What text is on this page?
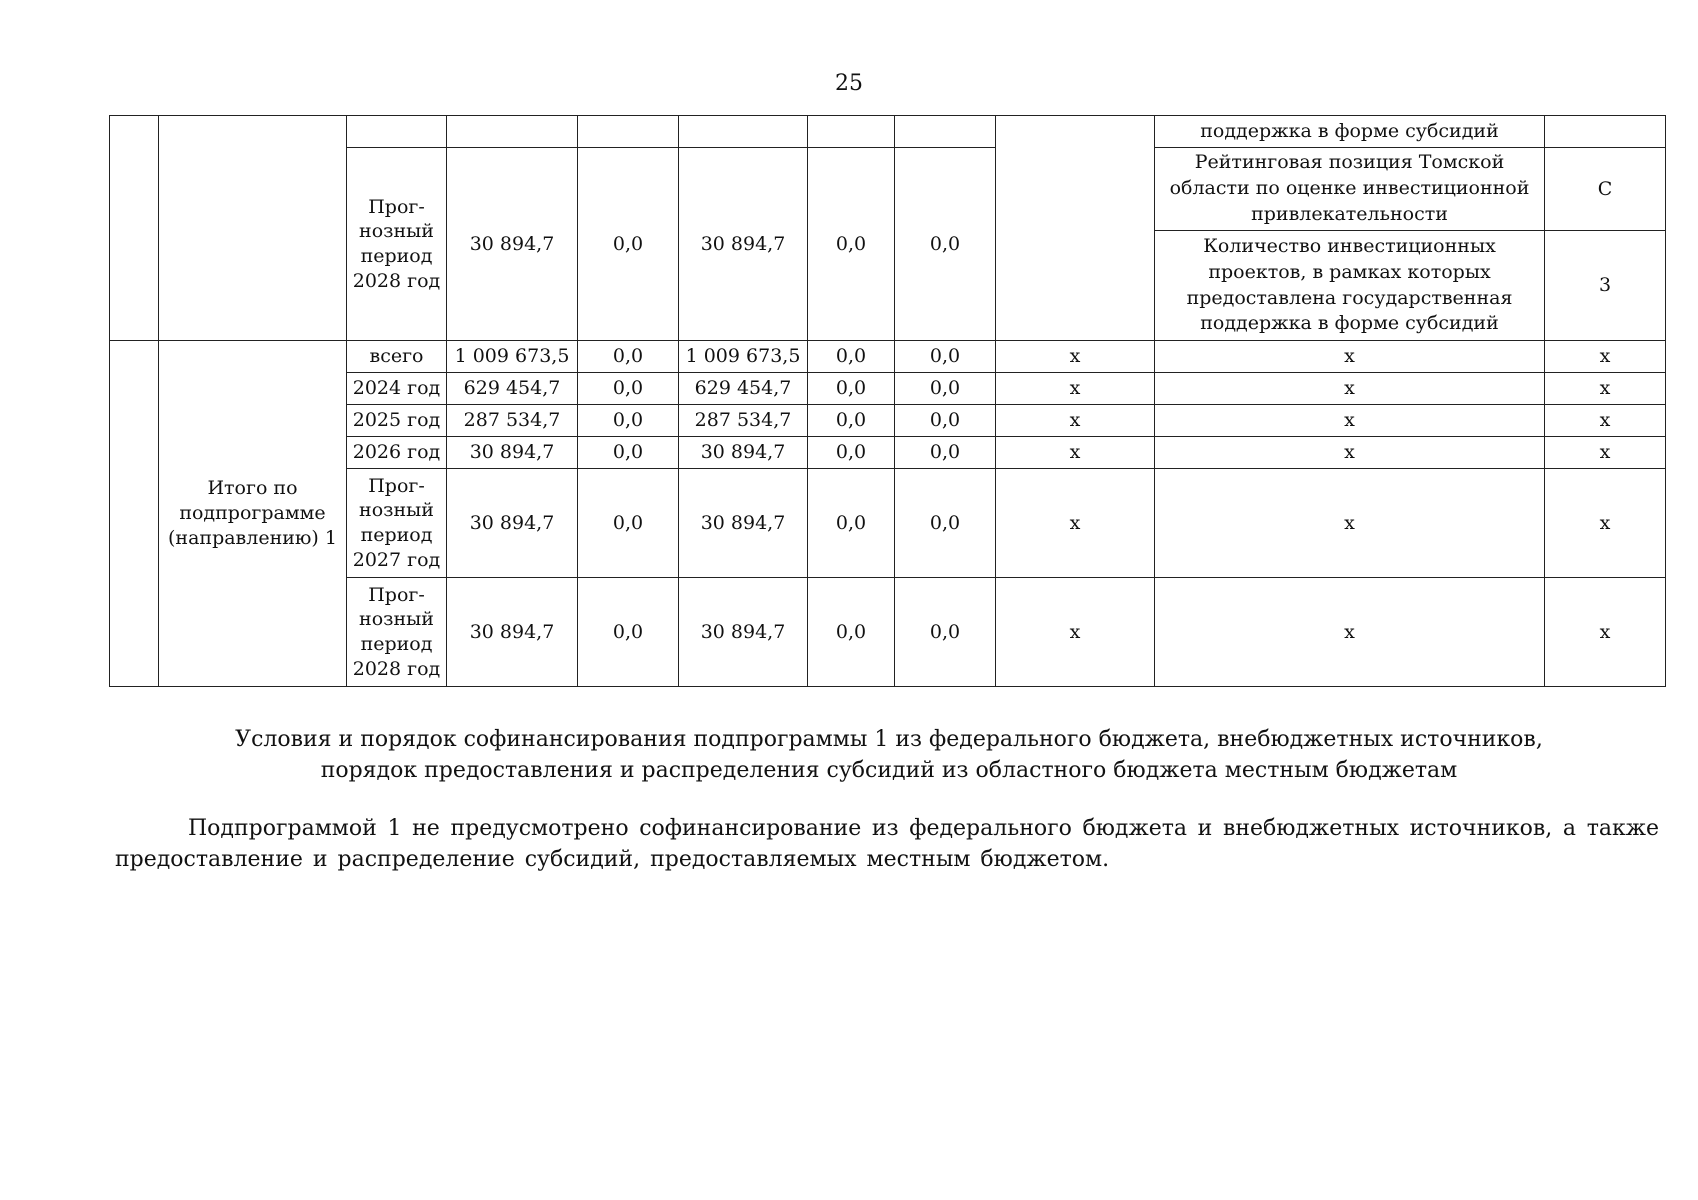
25
									поддержка в форме субсидий	
		Прог-нозный период 2028 год	30 894,7	0,0	30 894,7	0,0	0,0		Рейтинговая позиция Томской области по оценке инвестиционной привлекательности	C
									Количество инвестиционных проектов, в рамках которых предоставлена государственная поддержка в форме субсидий	3
	Итого по подпрограмме (направлению) 1	всего	1 009 673,5	0,0	1 009 673,5	0,0	0,0	x	x	x
		2024 год	629 454,7	0,0	629 454,7	0,0	0,0	x	x	x
		2025 год	287 534,7	0,0	287 534,7	0,0	0,0	x	x	x
		2026 год	30 894,7	0,0	30 894,7	0,0	0,0	x	x	x
		Прог-нозный период 2027 год	30 894,7	0,0	30 894,7	0,0	0,0	x	x	x
		Прог-нозный период 2028 год	30 894,7	0,0	30 894,7	0,0	0,0	x	x	x
Условия и порядок софинансирования подпрограммы 1 из федерального бюджета, внебюджетных источников,
порядок предоставления и распределения субсидий из областного бюджета местным бюджетам
Подпрограммой 1 не предусмотрено софинансирование из федерального бюджета и внебюджетных источников, а также предоставление и распределение субсидий, предоставляемых местным бюджетом.
